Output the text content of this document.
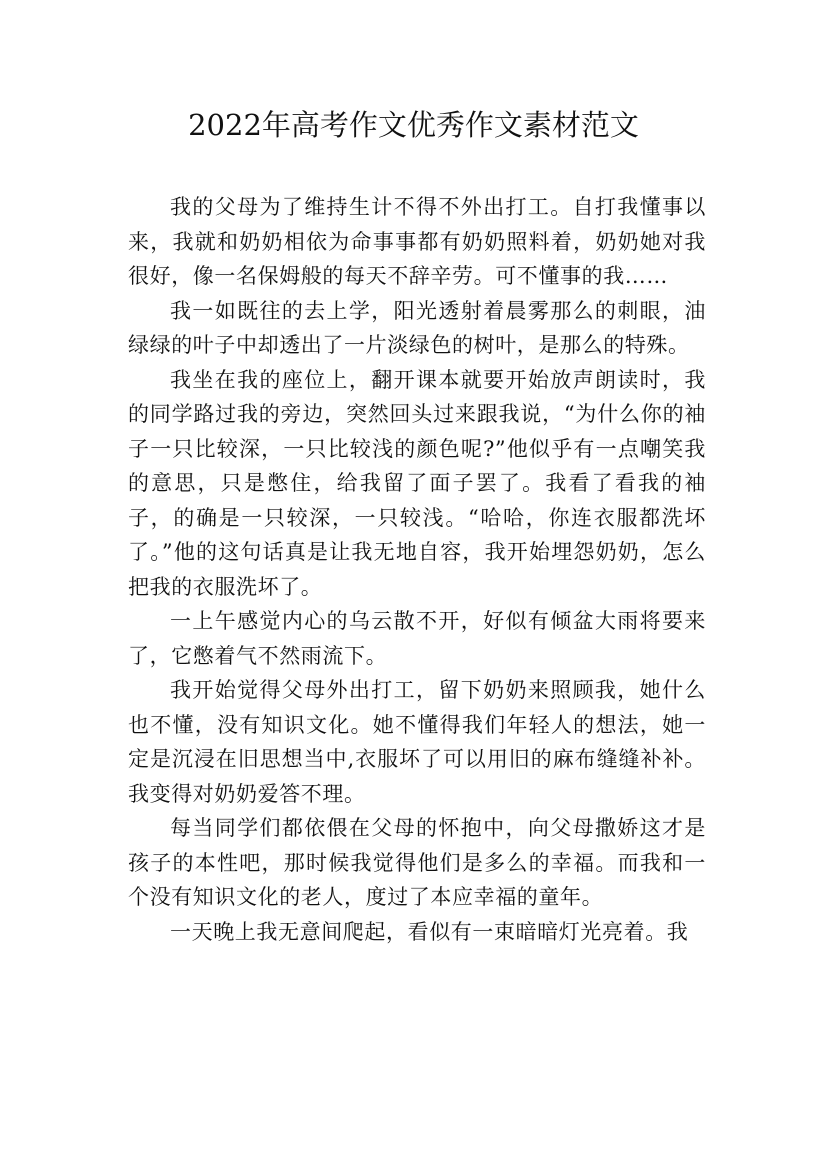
2022年高考作文优秀作文素材范文

我的父母为了维持生计不得不外出打工。自打我懂事以来，我就和奶奶相依为命事事都有奶奶照料着，奶奶她对我很好，像一名保姆般的每天不辞辛劳。可不懂事的我……

我一如既往的去上学，阳光透射着晨雾那么的刺眼，油绿绿的叶子中却透出了一片淡绿色的树叶，是那么的特殊。

我坐在我的座位上，翻开课本就要开始放声朗读时，我的同学路过我的旁边，突然回头过来跟我说，“为什么你的袖子一只比较深，一只比较浅的颜色呢?”他似乎有一点嘲笑我的意思，只是憋住，给我留了面子罢了。我看了看我的袖子，的确是一只较深，一只较浅。“哈哈，你连衣服都洗坏了。”他的这句话真是让我无地自容，我开始埋怨奶奶，怎么把我的衣服洗坏了。

一上午感觉内心的乌云散不开，好似有倾盆大雨将要来了，它憋着气不然雨流下。

我开始觉得父母外出打工，留下奶奶来照顾我，她什么也不懂，没有知识文化。她不懂得我们年轻人的想法，她一定是沉浸在旧思想当中,衣服坏了可以用旧的麻布缝缝补补。我变得对奶奶爱答不理。

每当同学们都依偎在父母的怀抱中，向父母撒娇这才是孩子的本性吧，那时候我觉得他们是多么的幸福。而我和一个没有知识文化的老人，度过了本应幸福的童年。

一天晚上我无意间爬起，看似有一束暗暗灯光亮着。我
